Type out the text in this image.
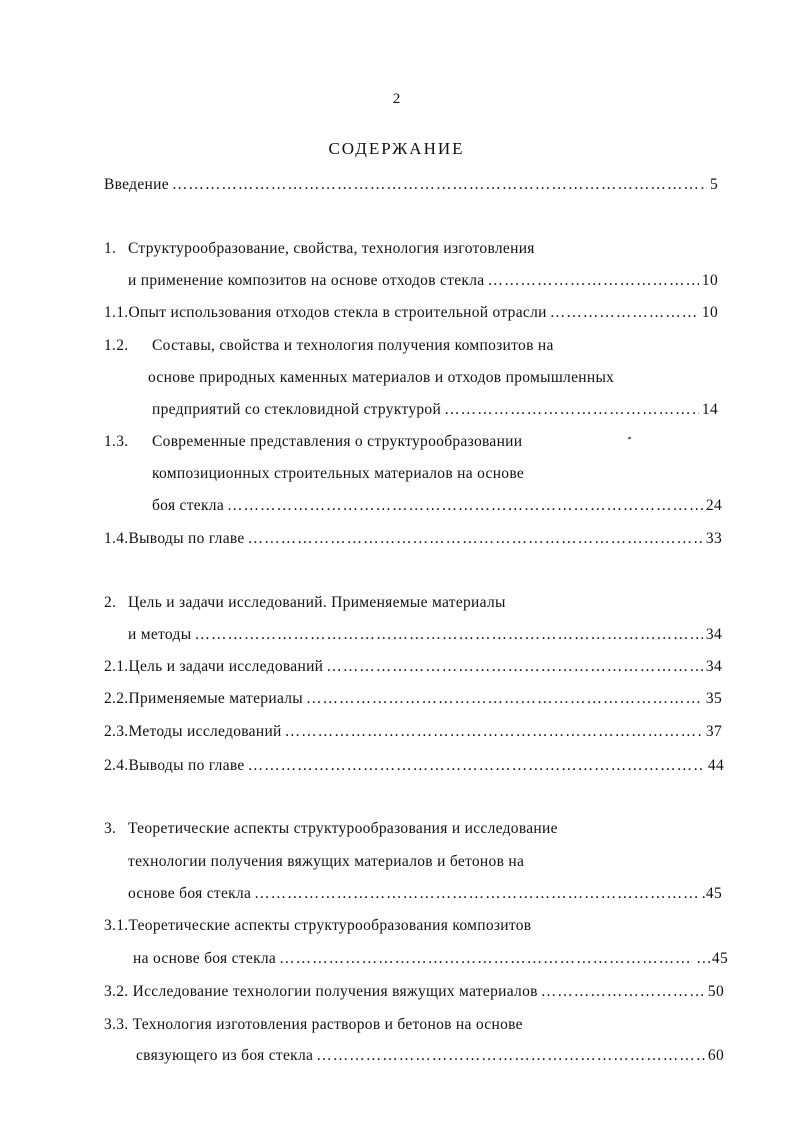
2
СОДЕРЖАНИЕ
Введение …………………………………………………………………………………………………………………………………………………………………………	5
1. Структурообразование, свойства, технология изготовления
и применение композитов на основе отходов стекла …………………………………………………………………………………………………………………………………………………………………………	10
1.1. Опыт использования отходов стекла в строительной отрасли …………………………………………………………………………………………………………………………………………………………………………	10
1.2.	Составы, свойства и технология получения композитов на
основе природных каменных материалов и отходов промышленных
предприятий со стекловидной структурой …………………………………………………………………………………………………………………………………………………………………………	14
1.3.	Современные представления о структурообразовании
композиционных строительных материалов на основе
боя стекла …………………………………………………………………………………………………………………………………………………………………………	24
1.4. Выводы по главе …………………………………………………………………………………………………………………………………………………………………………	33
2. Цель и задачи исследований. Применяемые материалы
и методы …………………………………………………………………………………………………………………………………………………………………………	34
2.1. Цель и задачи исследований …………………………………………………………………………………………………………………………………………………………………………	34
2.2. Применяемые материалы …………………………………………………………………………………………………………………………………………………………………………	35
2.3. Методы исследований …………………………………………………………………………………………………………………………………………………………………………	37
2.4. Выводы по главе …………………………………………………………………………………………………………………………………………………………………………	44
3. Теоретические аспекты структурообразования и исследование
технологии получения вяжущих материалов и бетонов на
основе боя стекла …………………………………………………………………………………………………………………………………………………………………………	.45
3.1.Теоретические аспекты структурообразования композитов
на основе боя стекла …………………………………………………………………………………………………………………………………………………………………………	…45
3.2. Исследование технологии получения вяжущих материалов …………………………………………………………………………………………………………………………………………………………………………	50
3.3. Технология изготовления растворов и бетонов на основе
связующего из боя стекла …………………………………………………………………………………………………………………………………………………………………………	60
